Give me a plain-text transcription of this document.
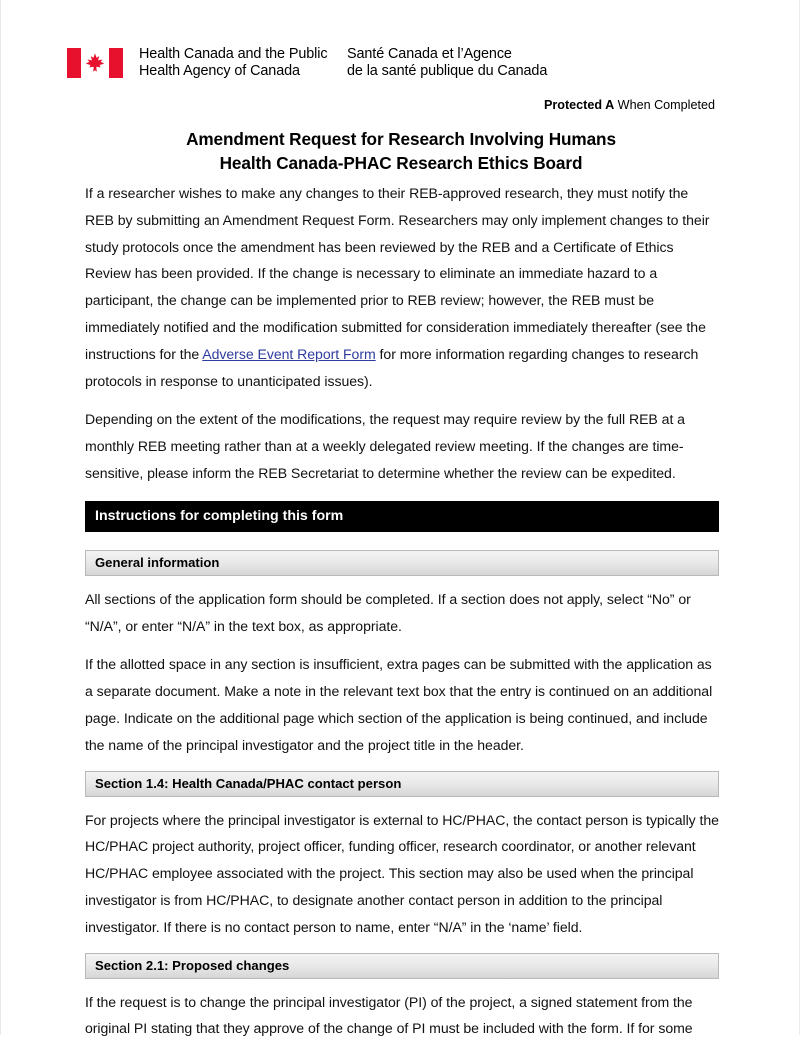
Health Canada and the Public
Health Agency of Canada
Santé Canada et l’Agence
de la santé publique du Canada
Protected A When Completed
Amendment Request for Research Involving Humans
Health Canada-PHAC Research Ethics Board

If a researcher wishes to make any changes to their REB-approved research, they must notify the REB by submitting an Amendment Request Form. Researchers may only implement changes to their study protocols once the amendment has been reviewed by the REB and a Certificate of Ethics Review has been provided. If the change is necessary to eliminate an immediate hazard to a participant, the change can be implemented prior to REB review; however, the REB must be immediately notified and the modification submitted for consideration immediately thereafter (see the instructions for the Adverse Event Report Form for more information regarding changes to research protocols in response to unanticipated issues).

Depending on the extent of the modifications, the request may require review by the full REB at a monthly REB meeting rather than at a weekly delegated review meeting. If the changes are time-sensitive, please inform the REB Secretariat to determine whether the review can be expedited.

Instructions for completing this form
General information

All sections of the application form should be completed. If a section does not apply, select “No” or “N/A”, or enter “N/A” in the text box, as appropriate.

If the allotted space in any section is insufficient, extra pages can be submitted with the application as a separate document. Make a note in the relevant text box that the entry is continued on an additional page. Indicate on the additional page which section of the application is being continued, and include the name of the principal investigator and the project title in the header.

Section 1.4: Health Canada/PHAC contact person

For projects where the principal investigator is external to HC/PHAC, the contact person is typically the HC/PHAC project authority, project officer, funding officer, research coordinator, or another relevant HC/PHAC employee associated with the project. This section may also be used when the principal investigator is from HC/PHAC, to designate another contact person in addition to the principal investigator. If there is no contact person to name, enter “N/A” in the ‘name’ field.

Section 2.1: Proposed changes

If the request is to change the principal investigator (PI) of the project, a signed statement from the original PI stating that they approve of the change of PI must be included with the form. If for some
